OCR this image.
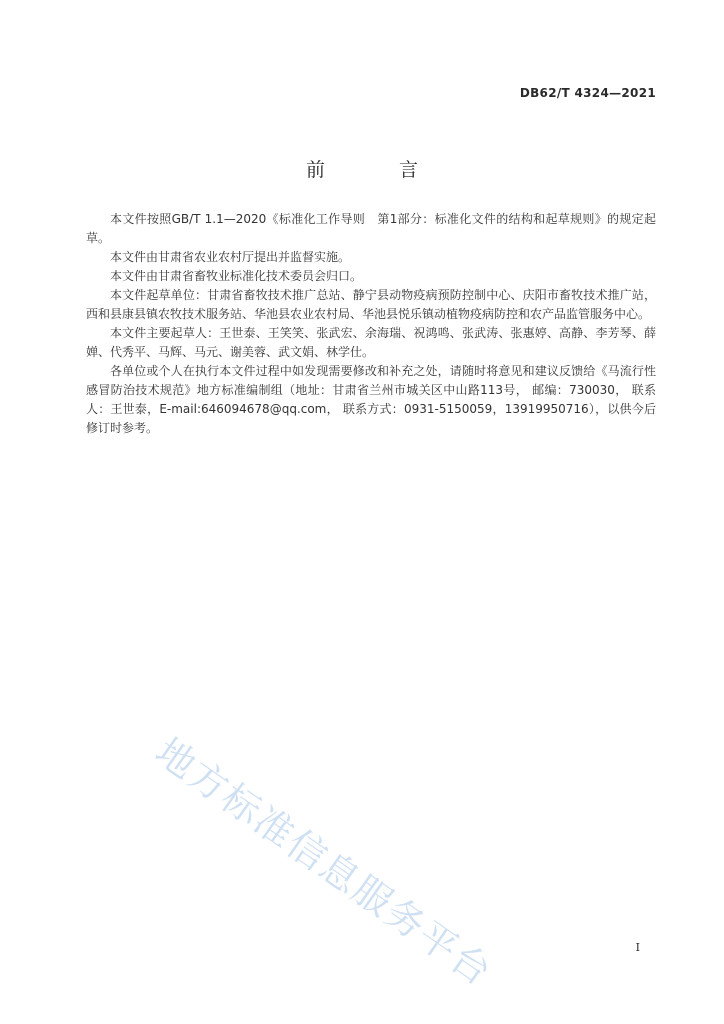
DB62/T 4324—2021
前 言

本文件按照GB/T 1.1—2020《标准化工作导则　第1部分：标准化文件的结构和起草规则》的规定起草。

本文件由甘肃省农业农村厅提出并监督实施。

本文件由甘肃省畜牧业标准化技术委员会归口。

本文件起草单位：甘肃省畜牧技术推广总站、静宁县动物疫病预防控制中心、庆阳市畜牧技术推广站，西和县康县镇农牧技术服务站、华池县农业农村局、华池县悦乐镇动植物疫病防控和农产品监管服务中心。

本文件主要起草人：王世泰、王笑笑、张武宏、余海瑞、祝鸿鸣、张武涛、张惠婷、高静、李芳琴、薛婵、代秀平、马辉、马元、谢美蓉、武文娟、林学仕。

各单位或个人在执行本文件过程中如发现需要修改和补充之处，请随时将意见和建议反馈给《马流行性感冒防治技术规范》地方标准编制组（地址：甘肃省兰州市城关区中山路113号， 邮编：730030， 联系人：王世泰，E-mail:646094678@qq.com， 联系方式：0931-5150059，13919950716），以供今后修订时参考。

地方标准信息服务平台	I
